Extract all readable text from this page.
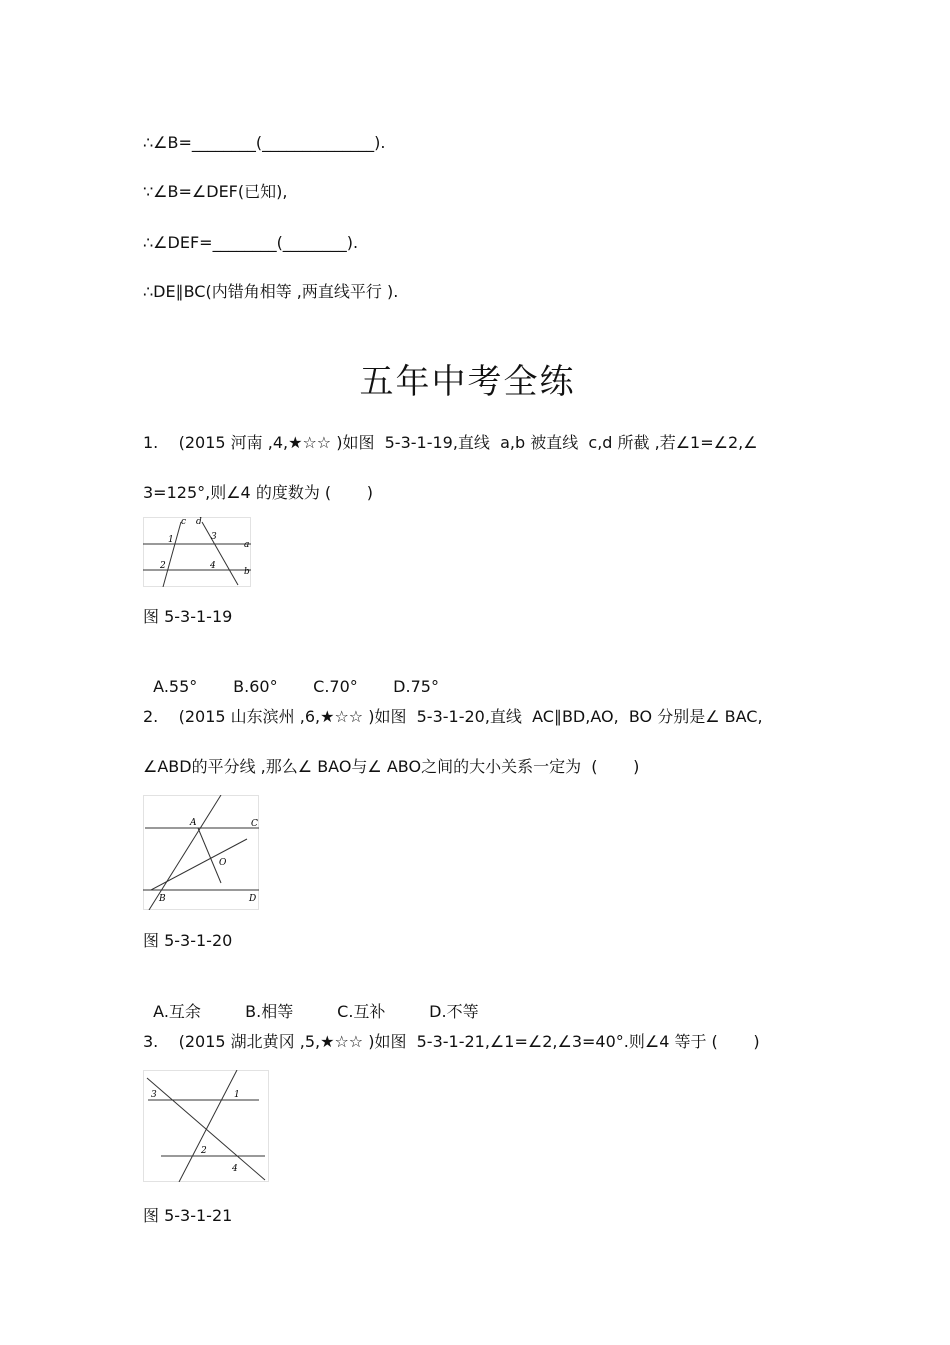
∴∠B=________(______________).
∵∠B=∠DEF(已知),
∴∠DEF=________(________).
∴DE∥BC(内错角相等 ,两直线平行 ).
五年中考全练
1.    (2015 河南 ,4,★☆☆ )如图  5-3-1-19,直线  a,b 被直线  c,d 所截 ,若∠1=∠2,∠
3=125°,则∠4 的度数为 (       )
c d
1	3
a
2	4
b
图 5-3-1-19

A.55° B.60° C.70° D.75°

2.    (2015 山东滨州 ,6,★☆☆ )如图  5-3-1-20,直线  AC∥BD,AO,  BO 分别是∠ BAC,
∠ABD的平分线 ,那么∠ BAO与∠ ABO之间的大小关系一定为  (       )
A	C
O
B	D
图 5-3-1-20

A.互余	B.相等	C.互补	D.不等

3.    (2015 湖北黄冈 ,5,★☆☆ )如图  5-3-1-21,∠1=∠2,∠3=40°.则∠4 等于 (       )
3	1
2
4
图 5-3-1-21
